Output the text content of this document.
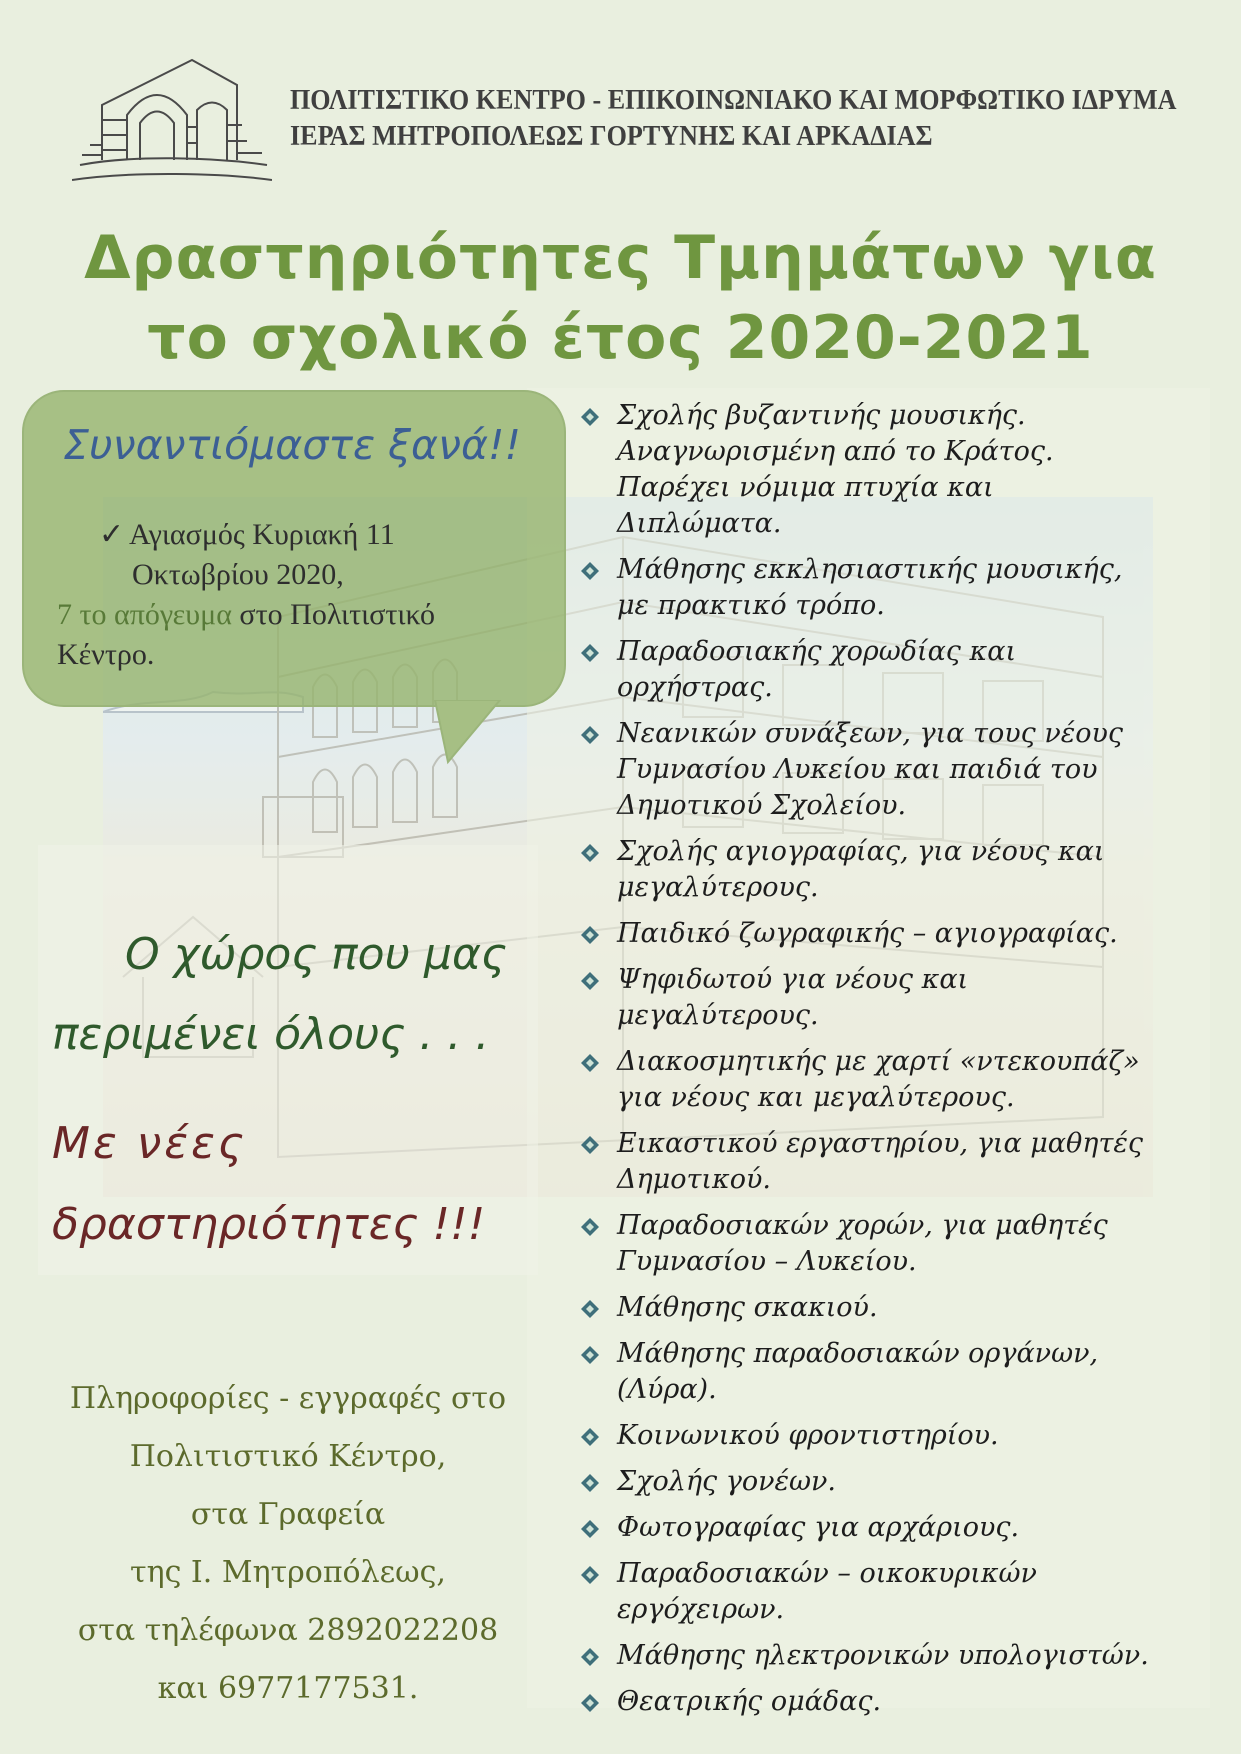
ΠΟΛΙΤΙΣΤΙΚΟ ΚΕΝΤΡΟ - ΕΠΙΚΟΙΝΩΝΙΑΚΟ ΚΑΙ ΜΟΡΦΩΤΙΚΟ ΙΔΡΥΜΑ
ΙΕΡΑΣ ΜΗΤΡΟΠΟΛΕΩΣ ΓΟΡΤΥΝΗΣ ΚΑΙ ΑΡΚΑΔΙΑΣ
Δραστηριότητες Τμημάτων για
το σχολικό έτος 2020-2021
Συναντιόμαστε ξανά!!
✓ Αγιασμός Κυριακή 11
Οκτωβρίου 2020,
7 το απόγευμα στο Πολιτιστικό
Κέντρο.
Ο χώρος που μας
περιμένει όλους . . .
Με νέες
δραστηριότητες !!!
Πληροφορίες - εγγραφές στο
Πολιτιστικό Κέντρο,
στα Γραφεία
της Ι. Μητροπόλεως,
στα τηλέφωνα 2892022208
και 6977177531.
Σχολής βυζαντινής μουσικής.
Αναγνωρισμένη από το Κράτος.
Παρέχει νόμιμα πτυχία και
Διπλώματα.
Μάθησης εκκλησιαστικής μουσικής,
με πρακτικό τρόπο.
Παραδοσιακής χορωδίας και
ορχήστρας.
Νεανικών συνάξεων, για τους νέους
Γυμνασίου Λυκείου και παιδιά του
Δημοτικού Σχολείου.
Σχολής αγιογραφίας, για νέους και
μεγαλύτερους.
Παιδικό ζωγραφικής – αγιογραφίας.
Ψηφιδωτού για νέους και
μεγαλύτερους.
Διακοσμητικής με χαρτί «ντεκουπάζ»
για νέους και μεγαλύτερους.
Εικαστικού εργαστηρίου, για μαθητές
Δημοτικού.
Παραδοσιακών χορών, για μαθητές
Γυμνασίου – Λυκείου.
Μάθησης σκακιού.
Μάθησης παραδοσιακών οργάνων,
(Λύρα).
Κοινωνικού φροντιστηρίου.
Σχολής γονέων.
Φωτογραφίας για αρχάριους.
Παραδοσιακών – οικοκυρικών
εργόχειρων.
Μάθησης ηλεκτρονικών υπολογιστών.
Θεατρικής ομάδας.
